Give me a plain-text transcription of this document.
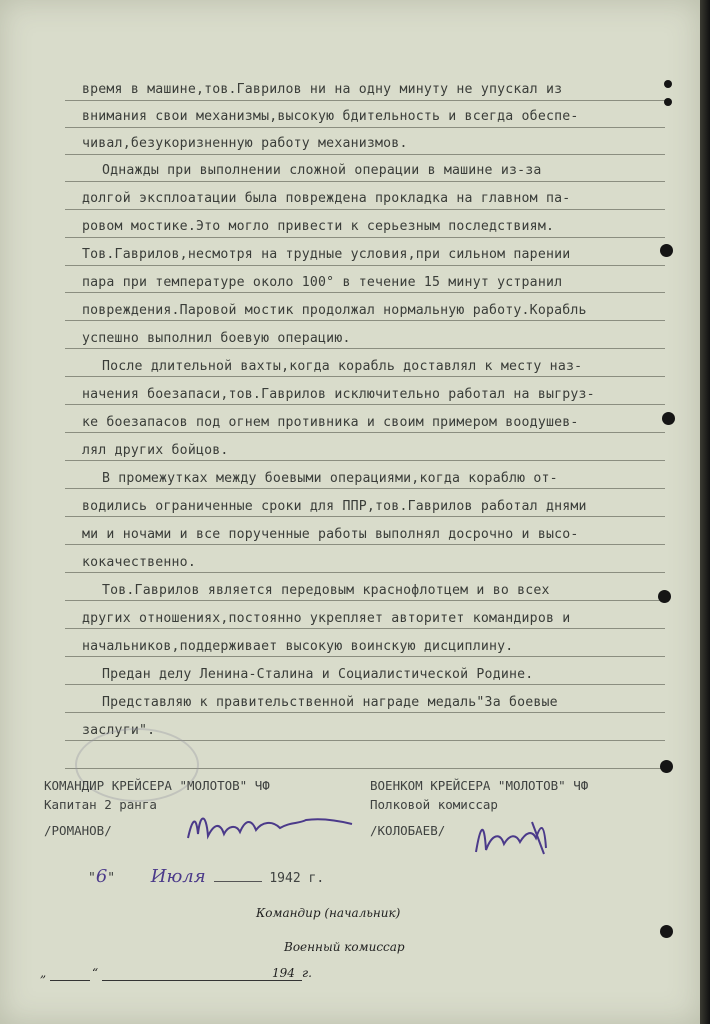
время в машине,тов.Гаврилов ни на одну минуту не упускал из
внимания свои механизмы,высокую бдительность и всегда обеспе-
чивал,безукоризненную работу механизмов.
Однажды при выполнении сложной операции в машине из-за
долгой эксплоатации была повреждена прокладка на главном па-
ровом мостике.Это могло привести к серьезным последствиям.
Тов.Гаврилов,несмотря на трудные условия,при сильном парении
пара при температуре около 100° в течение 15 минут устранил
повреждения.Паровой мостик продолжал нормальную работу.Корабль
успешно выполнил боевую операцию.
После длительной вахты,когда корабль доставлял к месту наз-
начения боезапаси,тов.Гаврилов исключительно работал на выгруз-
ке боезапасов под огнем противника и своим примером воодушев-
лял других бойцов.
В промежутках между боевыми операциями,когда кораблю от-
водились ограниченные сроки для ППР,тов.Гаврилов работал днями
ми и ночами и все порученные работы выполнял досрочно и высо-
кокачественно.
Тов.Гаврилов является передовым краснофлотцем и во всех
других отношениях,постоянно укрепляет авторитет командиров и
начальников,поддерживает высокую воинскую дисциплину.
Предан делу Ленина-Сталина и Социалистической Родине.
Представляю к правительственной награде медаль"За боевые
заслуги".
КОМАНДИР КРЕЙСЕРА "МОЛОТОВ" ЧФ
Капитан 2 ранга
/РОМАНОВ/
ВОЕНКОМ КРЕЙСЕРА "МОЛОТОВ" ЧФ
Полковой комиссар
/КОЛОБАЕВ/
"6" Июля	1942 г.
Командир (начальник)
Военный комиссар
„	“	194 г.
